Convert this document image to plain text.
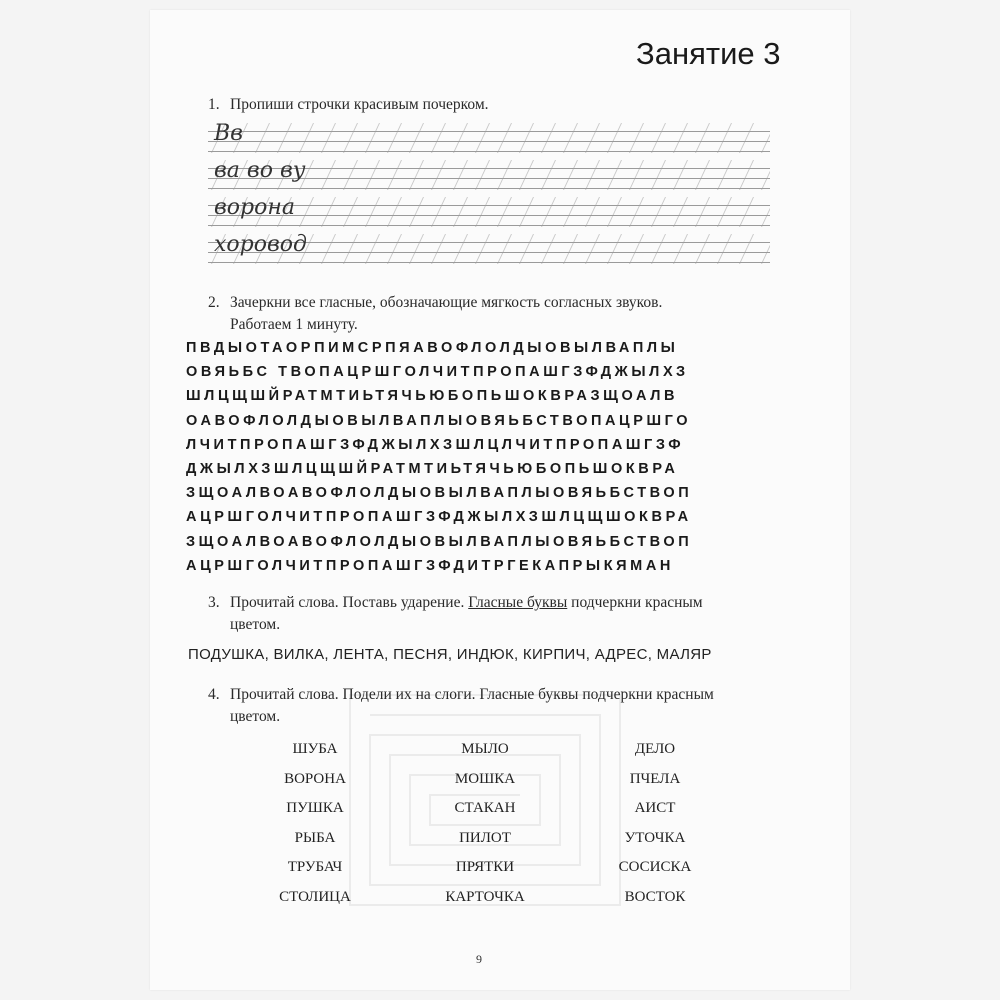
Занятие 3
1. Пропиши строчки красивым почерком.
Вв
ва во ву
ворона
хоровод
2. Зачеркни все гласные, обозначающие мягкость согласных звуков.
Работаем 1 минуту.
ПВДЫОТАОРПИМСРПЯАВОФЛОЛДЫОВЫЛВАПЛЫ
ОВЯЬБС ТВОПАЦРШГОЛЧИТПРОПАШГЗФДЖЫЛХЗ
ШЛЦЩШЙРАТМТИЬТЯЧЬЮБОПЬШОКВРАЗЩОАЛВ
ОАВОФЛОЛДЫОВЫЛВАПЛЫОВЯЬБСТВОПАЦРШГО
ЛЧИТПРОПАШГЗФДЖЫЛХЗШЛЦЛЧИТПРОПАШГЗФ
ДЖЫЛХЗШЛЦЩШЙРАТМТИЬТЯЧЬЮБОПЬШОКВРА
ЗЩОАЛВОАВОФЛОЛДЫОВЫЛВАПЛЫОВЯЬБСТВОП
АЦРШГОЛЧИТПРОПАШГЗФДЖЫЛХЗШЛЦЩШОКВРА
ЗЩОАЛВОАВОФЛОЛДЫОВЫЛВАПЛЫОВЯЬБСТВОП
АЦРШГОЛЧИТПРОПАШГЗФДИТРГЕКАПРЫКЯМАН
3. Прочитай слова. Поставь ударение. Гласные буквы подчеркни красным
цветом.
ПОДУШКА, ВИЛКА, ЛЕНТА, ПЕСНЯ, ИНДЮК, КИРПИЧ, АДРЕС, МАЛЯР
4. Прочитай слова. Подели их на слоги. Гласные буквы подчеркни красным
цветом.
ШУБА
ВОРОНА
ПУШКА
РЫБА
ТРУБАЧ
СТОЛИЦА
МЫЛО
МОШКА
СТАКАН
ПИЛОТ
ПРЯТКИ
КАРТОЧКА
ДЕЛО
ПЧЕЛА
АИСТ
УТОЧКА
СОСИСКА
ВОСТОК
9
